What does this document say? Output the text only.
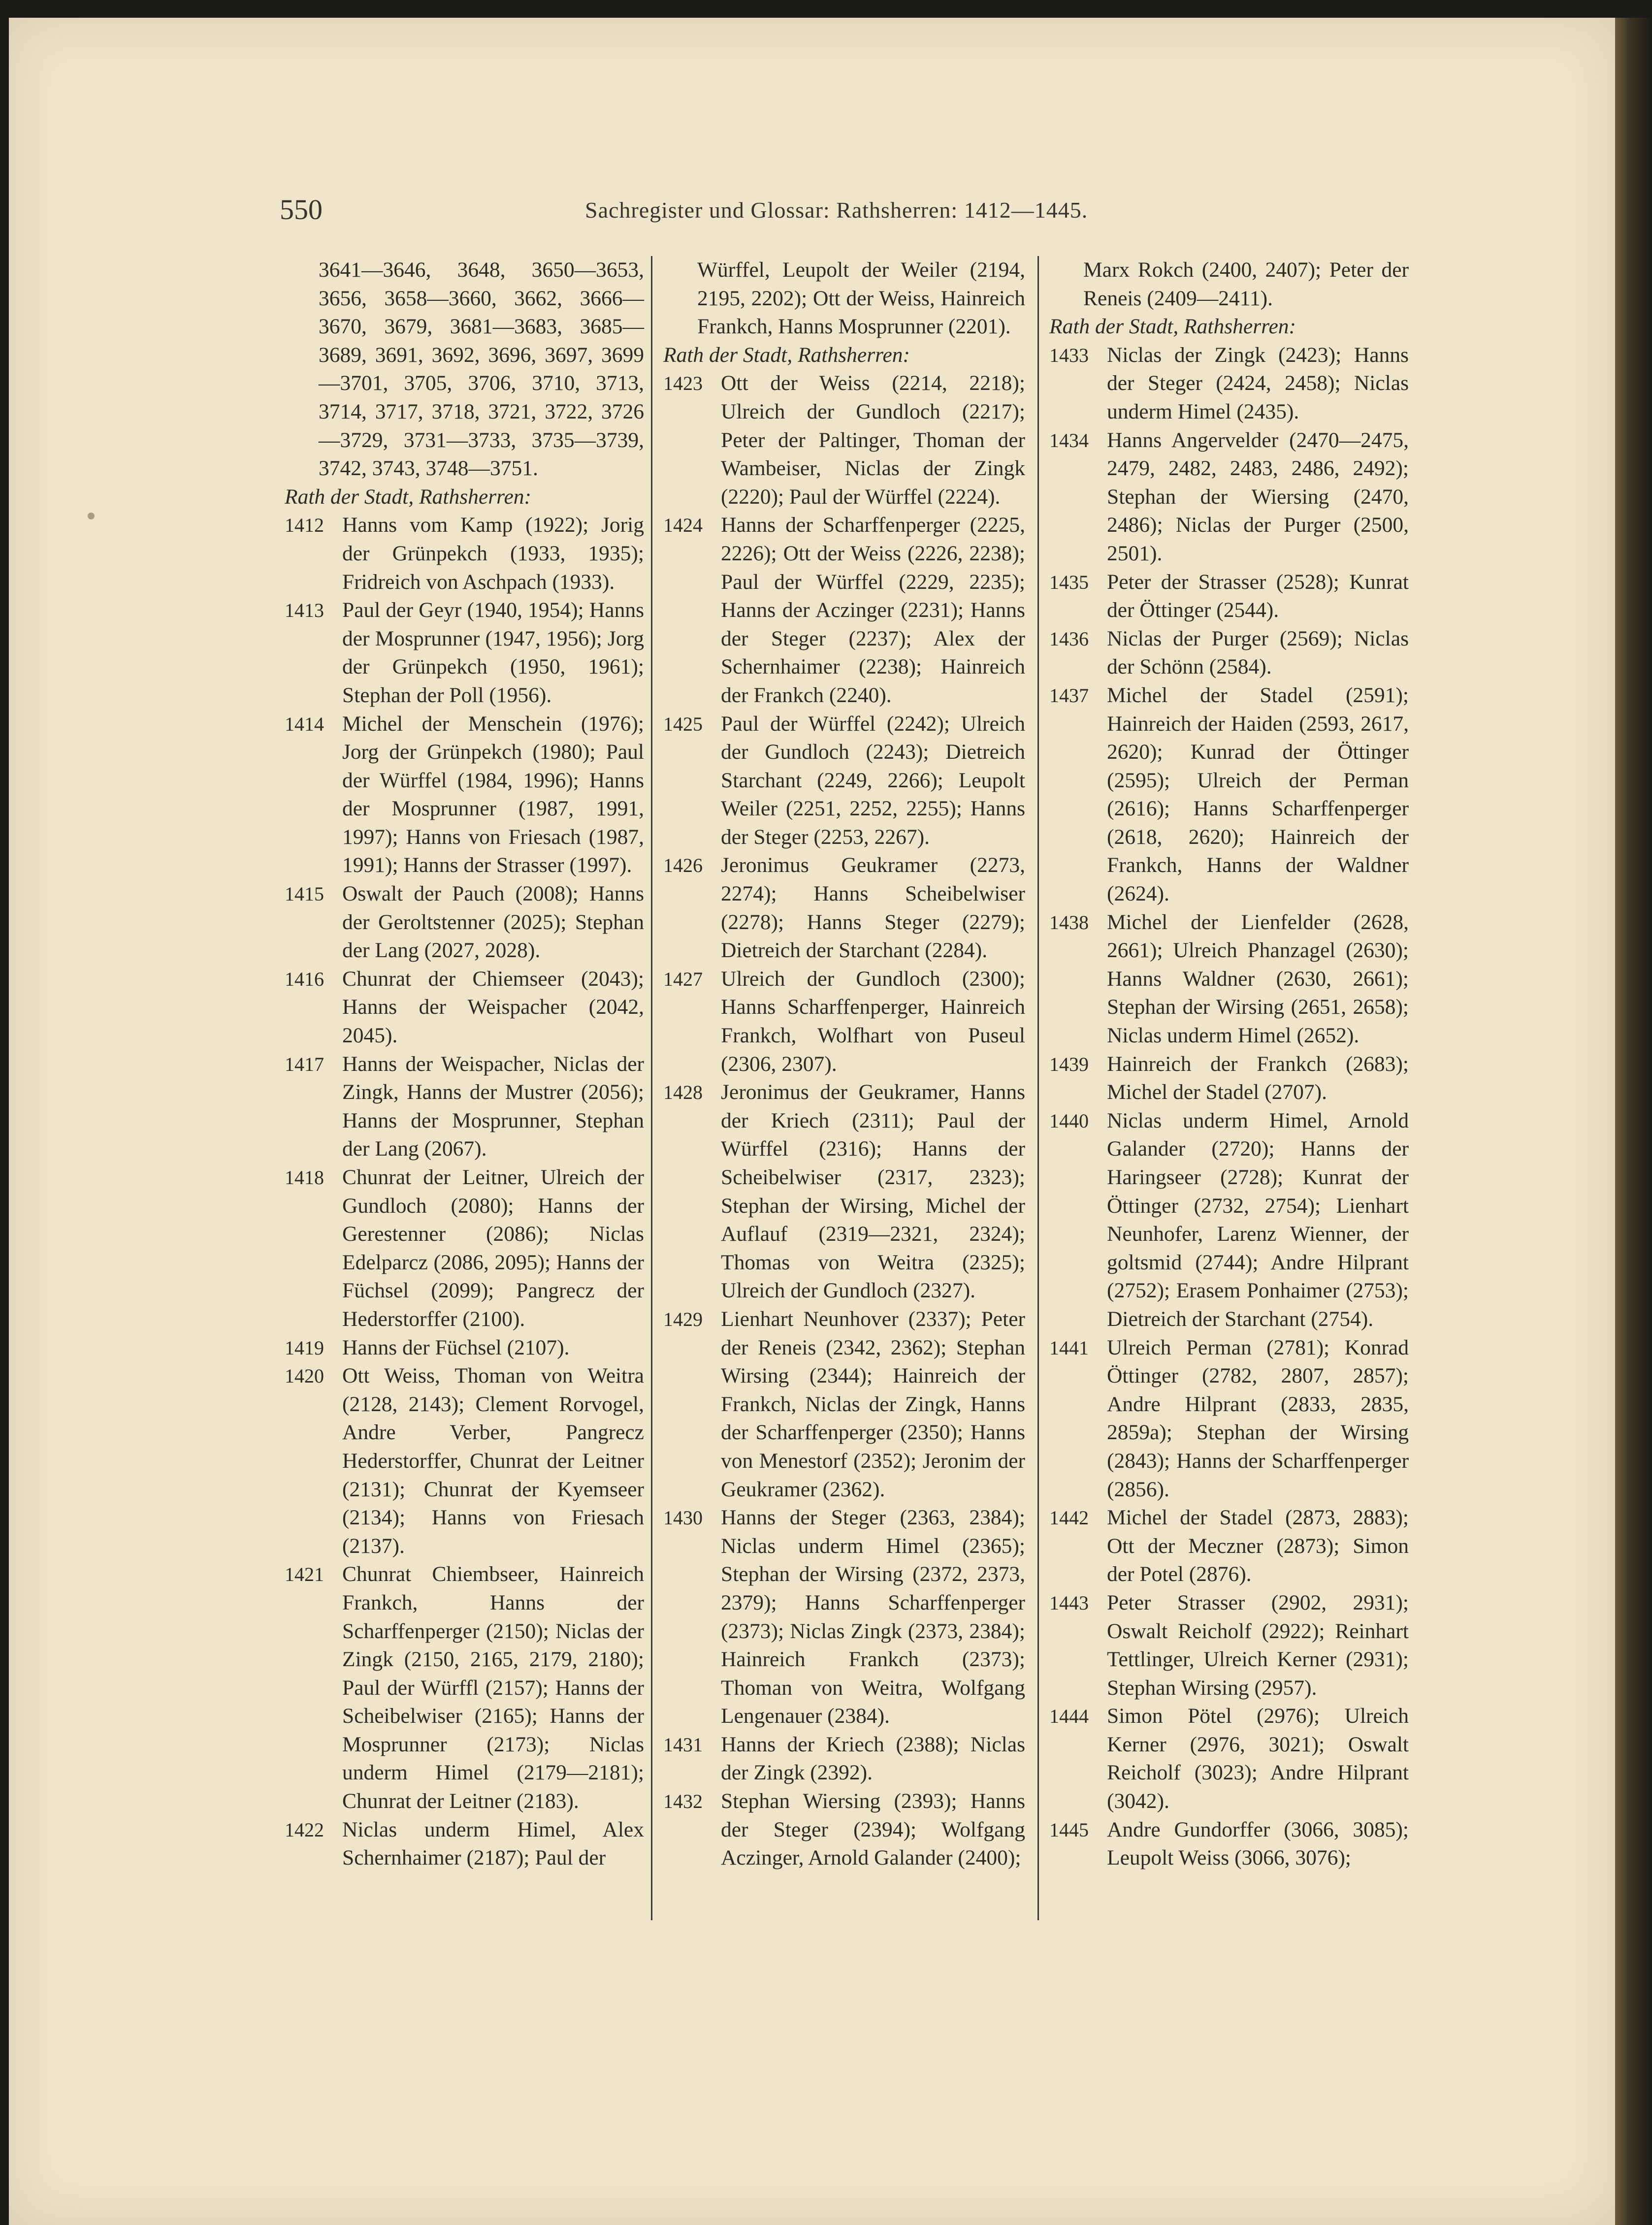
550	Sachregister und Glossar: Rathsherren: 1412—1445.
3641—3646, 3648, 3650—3653, 3656, 3658—3660, 3662, 3666—3670, 3679, 3681—3683, 3685—3689, 3691, 3692, 3696, 3697, 3699—3701, 3705, 3706, 3710, 3713, 3714, 3717, 3718, 3721, 3722, 3726—3729, 3731—3733, 3735—3739, 3742, 3743, 3748—3751.
Rath der Stadt, Rathsherren:
1412 Hanns vom Kamp (1922); Jorig der Grünpekch (1933, 1935); Fridreich von Aschpach (1933).
1413 Paul der Geyr (1940, 1954); Hanns der Mosprunner (1947, 1956); Jorg der Grünpekch (1950, 1961); Stephan der Poll (1956).
1414 Michel der Menschein (1976); Jorg der Grünpekch (1980); Paul der Würffel (1984, 1996); Hanns der Mosprunner (1987, 1991, 1997); Hanns von Friesach (1987, 1991); Hanns der Strasser (1997).
1415 Oswalt der Pauch (2008); Hanns der Geroltstenner (2025); Stephan der Lang (2027, 2028).
1416 Chunrat der Chiemseer (2043); Hanns der Weispacher (2042, 2045).
1417 Hanns der Weispacher, Niclas der Zingk, Hanns der Mustrer (2056); Hanns der Mosprunner, Stephan der Lang (2067).
1418 Chunrat der Leitner, Ulreich der Gundloch (2080); Hanns der Gerestenner (2086); Niclas Edelparcz (2086, 2095); Hanns der Füchsel (2099); Pangrecz der Hederstorffer (2100).
1419 Hanns der Füchsel (2107).
1420 Ott Weiss, Thoman von Weitra (2128, 2143); Clement Rorvogel, Andre Verber, Pangrecz Hederstorffer, Chunrat der Leitner (2131); Chunrat der Kyemseer (2134); Hanns von Friesach (2137).
1421 Chunrat Chiembseer, Hainreich Frankch, Hanns der Scharffenperger (2150); Niclas der Zingk (2150, 2165, 2179, 2180); Paul der Würffl (2157); Hanns der Scheibelwiser (2165); Hanns der Mosprunner (2173); Niclas underm Himel (2179—2181); Chunrat der Leitner (2183).
1422 Niclas underm Himel, Alex Schernhaimer (2187); Paul der
Würffel, Leupolt der Weiler (2194, 2195, 2202); Ott der Weiss, Hainreich Frankch, Hanns Mosprunner (2201).
Rath der Stadt, Rathsherren:
1423 Ott der Weiss (2214, 2218); Ulreich der Gundloch (2217); Peter der Paltinger, Thoman der Wambeiser, Niclas der Zingk (2220); Paul der Würffel (2224).
1424 Hanns der Scharffenperger (2225, 2226); Ott der Weiss (2226, 2238); Paul der Würffel (2229, 2235); Hanns der Aczinger (2231); Hanns der Steger (2237); Alex der Schernhaimer (2238); Hainreich der Frankch (2240).
1425 Paul der Würffel (2242); Ulreich der Gundloch (2243); Dietreich Starchant (2249, 2266); Leupolt Weiler (2251, 2252, 2255); Hanns der Steger (2253, 2267).
1426 Jeronimus Geukramer (2273, 2274); Hanns Scheibelwiser (2278); Hanns Steger (2279); Dietreich der Starchant (2284).
1427 Ulreich der Gundloch (2300); Hanns Scharffenperger, Hainreich Frankch, Wolfhart von Puseul (2306, 2307).
1428 Jeronimus der Geukramer, Hanns der Kriech (2311); Paul der Würffel (2316); Hanns der Scheibelwiser (2317, 2323); Stephan der Wirsing, Michel der Auflauf (2319—2321, 2324); Thomas von Weitra (2325); Ulreich der Gundloch (2327).
1429 Lienhart Neunhover (2337); Peter der Reneis (2342, 2362); Stephan Wirsing (2344); Hainreich der Frankch, Niclas der Zingk, Hanns der Scharffenperger (2350); Hanns von Menestorf (2352); Jeronim der Geukramer (2362).
1430 Hanns der Steger (2363, 2384); Niclas underm Himel (2365); Stephan der Wirsing (2372, 2373, 2379); Hanns Scharffenperger (2373); Niclas Zingk (2373, 2384); Hainreich Frankch (2373); Thoman von Weitra, Wolfgang Lengenauer (2384).
1431 Hanns der Kriech (2388); Niclas der Zingk (2392).
1432 Stephan Wiersing (2393); Hanns der Steger (2394); Wolfgang Aczinger, Arnold Galander (2400);
Marx Rokch (2400, 2407); Peter der Reneis (2409—2411).
Rath der Stadt, Rathsherren:
1433 Niclas der Zingk (2423); Hanns der Steger (2424, 2458); Niclas underm Himel (2435).
1434 Hanns Angervelder (2470—2475, 2479, 2482, 2483, 2486, 2492); Stephan der Wiersing (2470, 2486); Niclas der Purger (2500, 2501).
1435 Peter der Strasser (2528); Kunrat der Öttinger (2544).
1436 Niclas der Purger (2569); Niclas der Schönn (2584).
1437 Michel der Stadel (2591); Hainreich der Haiden (2593, 2617, 2620); Kunrad der Öttinger (2595); Ulreich der Perman (2616); Hanns Scharffenperger (2618, 2620); Hainreich der Frankch, Hanns der Waldner (2624).
1438 Michel der Lienfelder (2628, 2661); Ulreich Phanzagel (2630); Hanns Waldner (2630, 2661); Stephan der Wirsing (2651, 2658); Niclas underm Himel (2652).
1439 Hainreich der Frankch (2683); Michel der Stadel (2707).
1440 Niclas underm Himel, Arnold Galander (2720); Hanns der Haringseer (2728); Kunrat der Öttinger (2732, 2754); Lienhart Neunhofer, Larenz Wienner, der goltsmid (2744); Andre Hilprant (2752); Erasem Ponhaimer (2753); Dietreich der Starchant (2754).
1441 Ulreich Perman (2781); Konrad Öttinger (2782, 2807, 2857); Andre Hilprant (2833, 2835, 2859a); Stephan der Wirsing (2843); Hanns der Scharffenperger (2856).
1442 Michel der Stadel (2873, 2883); Ott der Meczner (2873); Simon der Potel (2876).
1443 Peter Strasser (2902, 2931); Oswalt Reicholf (2922); Reinhart Tettlinger, Ulreich Kerner (2931); Stephan Wirsing (2957).
1444 Simon Pötel (2976); Ulreich Kerner (2976, 3021); Oswalt Reicholf (3023); Andre Hilprant (3042).
1445 Andre Gundorffer (3066, 3085); Leupolt Weiss (3066, 3076);
